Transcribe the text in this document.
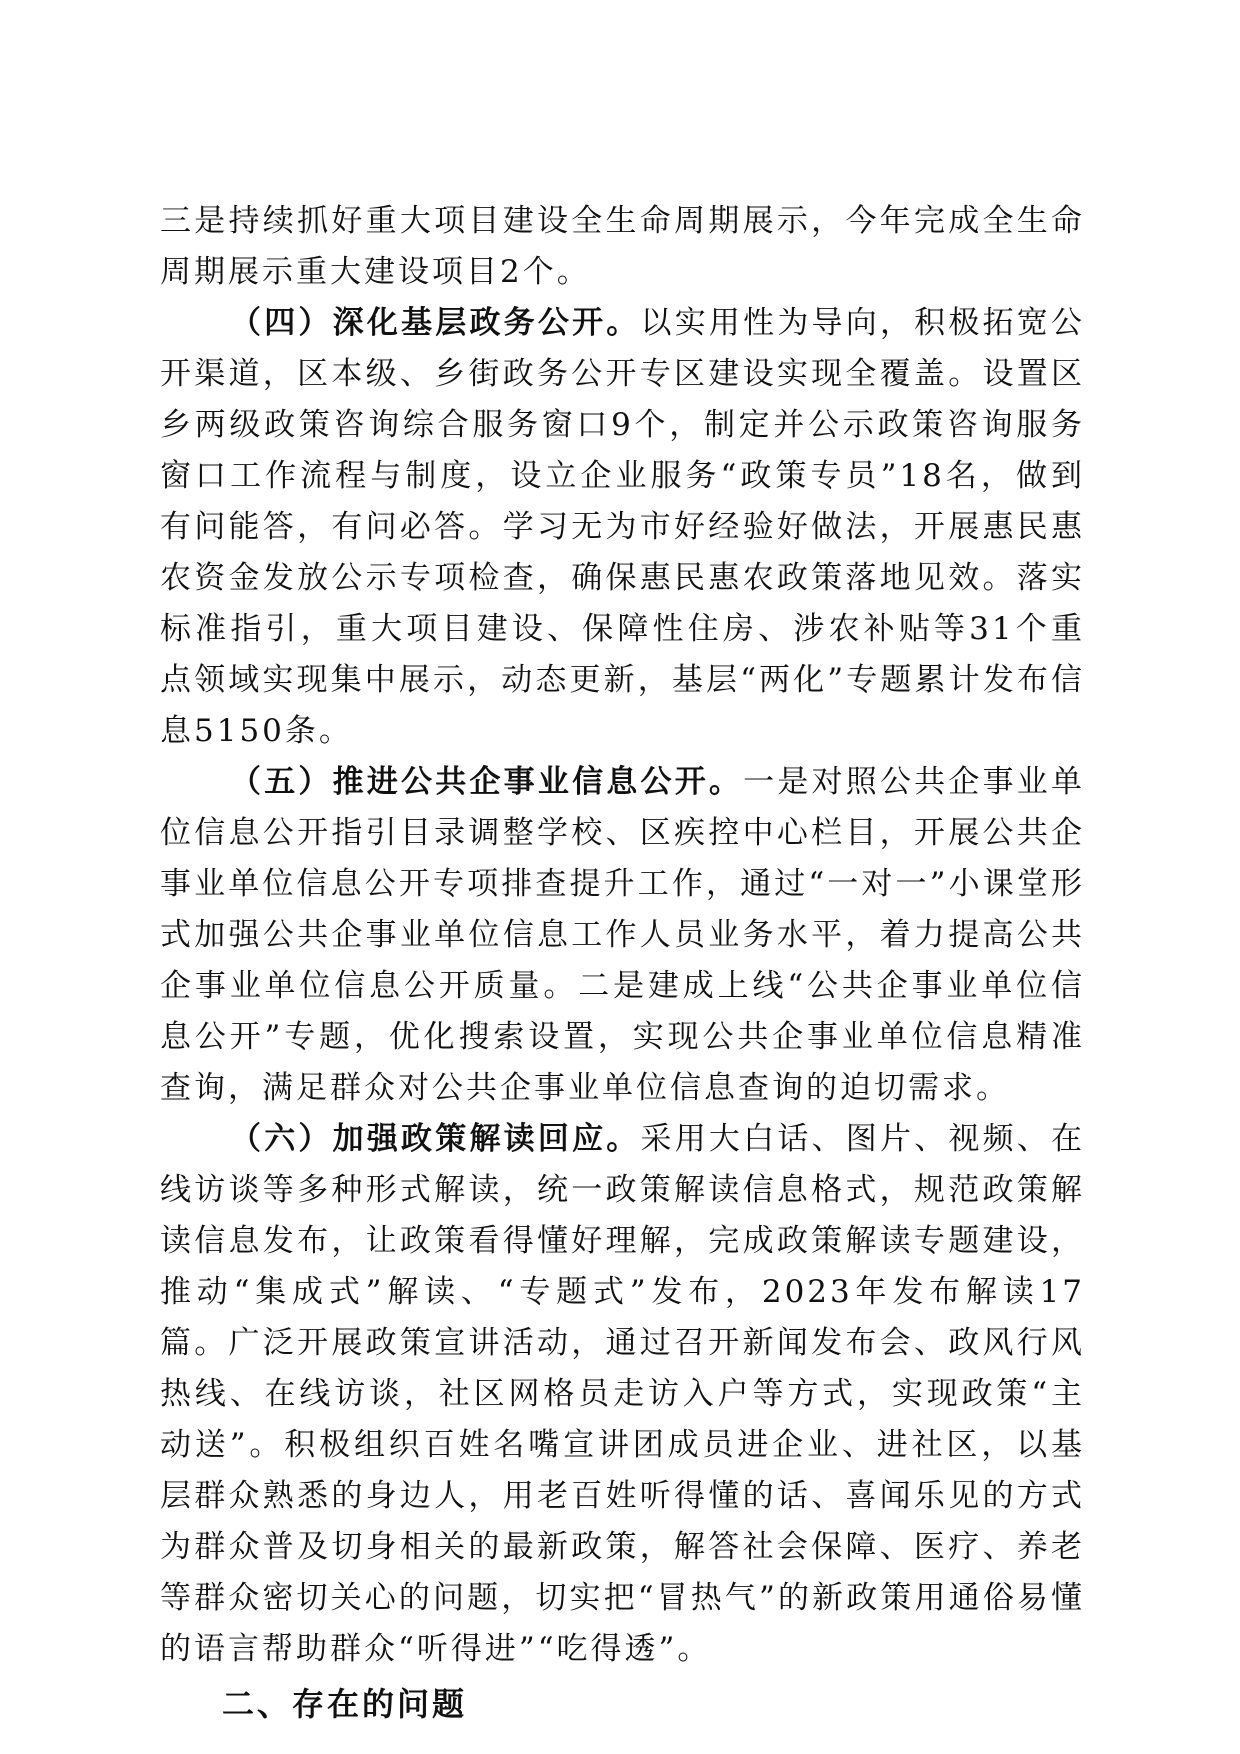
三是持续抓好重大项目建设全生命周期展示，今年完成全生命周期展示重大建设项目2个。

（四）深化基层政务公开。以实用性为导向，积极拓宽公开渠道，区本级、乡街政务公开专区建设实现全覆盖。设置区乡两级政策咨询综合服务窗口9个，制定并公示政策咨询服务窗口工作流程与制度，设立企业服务“政策专员”18名，做到有问能答，有问必答。学习无为市好经验好做法，开展惠民惠农资金发放公示专项检查，确保惠民惠农政策落地见效。落实标准指引，重大项目建设、保障性住房、涉农补贴等31个重点领域实现集中展示，动态更新，基层“两化”专题累计发布信息5150条。

（五）推进公共企事业信息公开。一是对照公共企事业单位信息公开指引目录调整学校、区疾控中心栏目，开展公共企事业单位信息公开专项排查提升工作，通过“一对一”小课堂形式加强公共企事业单位信息工作人员业务水平，着力提高公共企事业单位信息公开质量。二是建成上线“公共企事业单位信息公开”专题，优化搜索设置，实现公共企事业单位信息精准查询，满足群众对公共企事业单位信息查询的迫切需求。

（六）加强政策解读回应。采用大白话、图片、视频、在线访谈等多种形式解读，统一政策解读信息格式，规范政策解读信息发布，让政策看得懂好理解，完成政策解读专题建设，推动“集成式”解读、“专题式”发布，2023年发布解读17篇。广泛开展政策宣讲活动，通过召开新闻发布会、政风行风热线、在线访谈，社区网格员走访入户等方式，实现政策“主动送”。积极组织百姓名嘴宣讲团成员进企业、进社区，以基层群众熟悉的身边人，用老百姓听得懂的话、喜闻乐见的方式为群众普及切身相关的最新政策，解答社会保障、医疗、养老等群众密切关心的问题，切实把“冒热气”的新政策用通俗易懂的语言帮助群众“听得进”“吃得透”。

二、存在的问题
